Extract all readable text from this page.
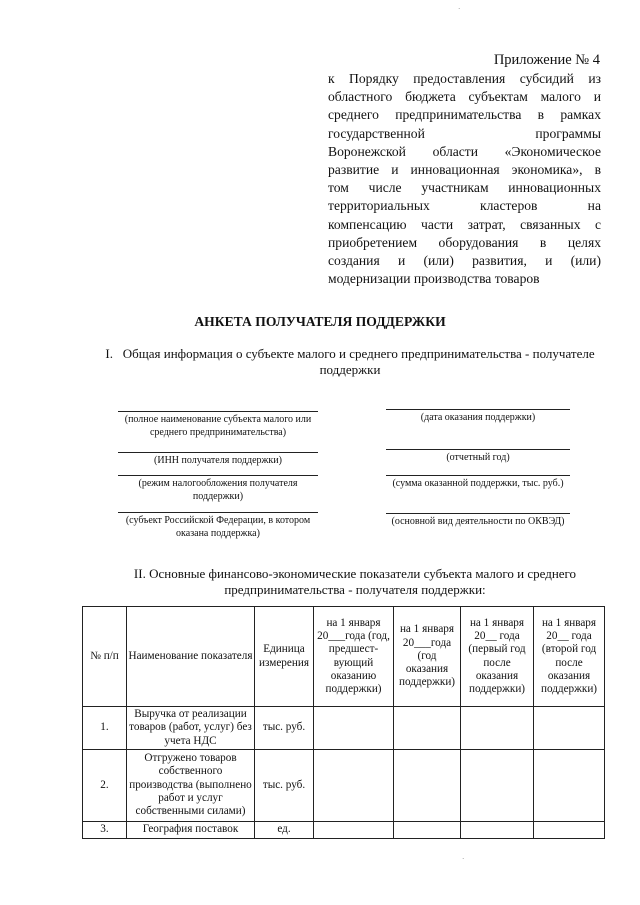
Приложение № 4
к Порядку предоставления субсидий из
областного бюджета субъектам малого и
среднего предпринимательства в рамках
государственной программы
Воронежской области «Экономическое
развитие и инновационная экономика», в
том числе участникам инновационных
территориальных кластеров на
компенсацию части затрат, связанных с
приобретением оборудования в целях
создания и (или) развития, и (или)
модернизации производства товаров
АНКЕТА ПОЛУЧАТЕЛЯ ПОДДЕРЖКИ
I. Общая информация о субъекте малого и среднего предпринимательства - получателе
поддержки
(полное наименование субъекта малого или среднего предпринимательства)
(ИНН получателя поддержки)
(режим налогообложения получателя поддержки)
(субъект Российской Федерации, в котором оказана поддержка)
(дата оказания поддержки)
(отчетный год)
(сумма оказанной поддержки, тыс. руб.)
(основной вид деятельности по ОКВЭД)
II. Основные финансово-экономические показатели субъекта малого и среднего
предпринимательства - получателя поддержки:
№ п/п	Наименование показателя	Единица измерения	на 1 января 20___года (год, предшест-вующий оказанию поддержки)	на 1 января 20___года (год оказания поддержки)	на 1 января 20__ года (первый год после оказания поддержки)	на 1 января 20__ года (второй год после оказания поддержки)
1.	Выручка от реализации товаров (работ, услуг) без учета НДС	тыс. руб.				
2.	Отгружено товаров собственного производства (выполнено работ и услуг собственными силами)	тыс. руб.				
3.	География поставок	ед.				
·
·
